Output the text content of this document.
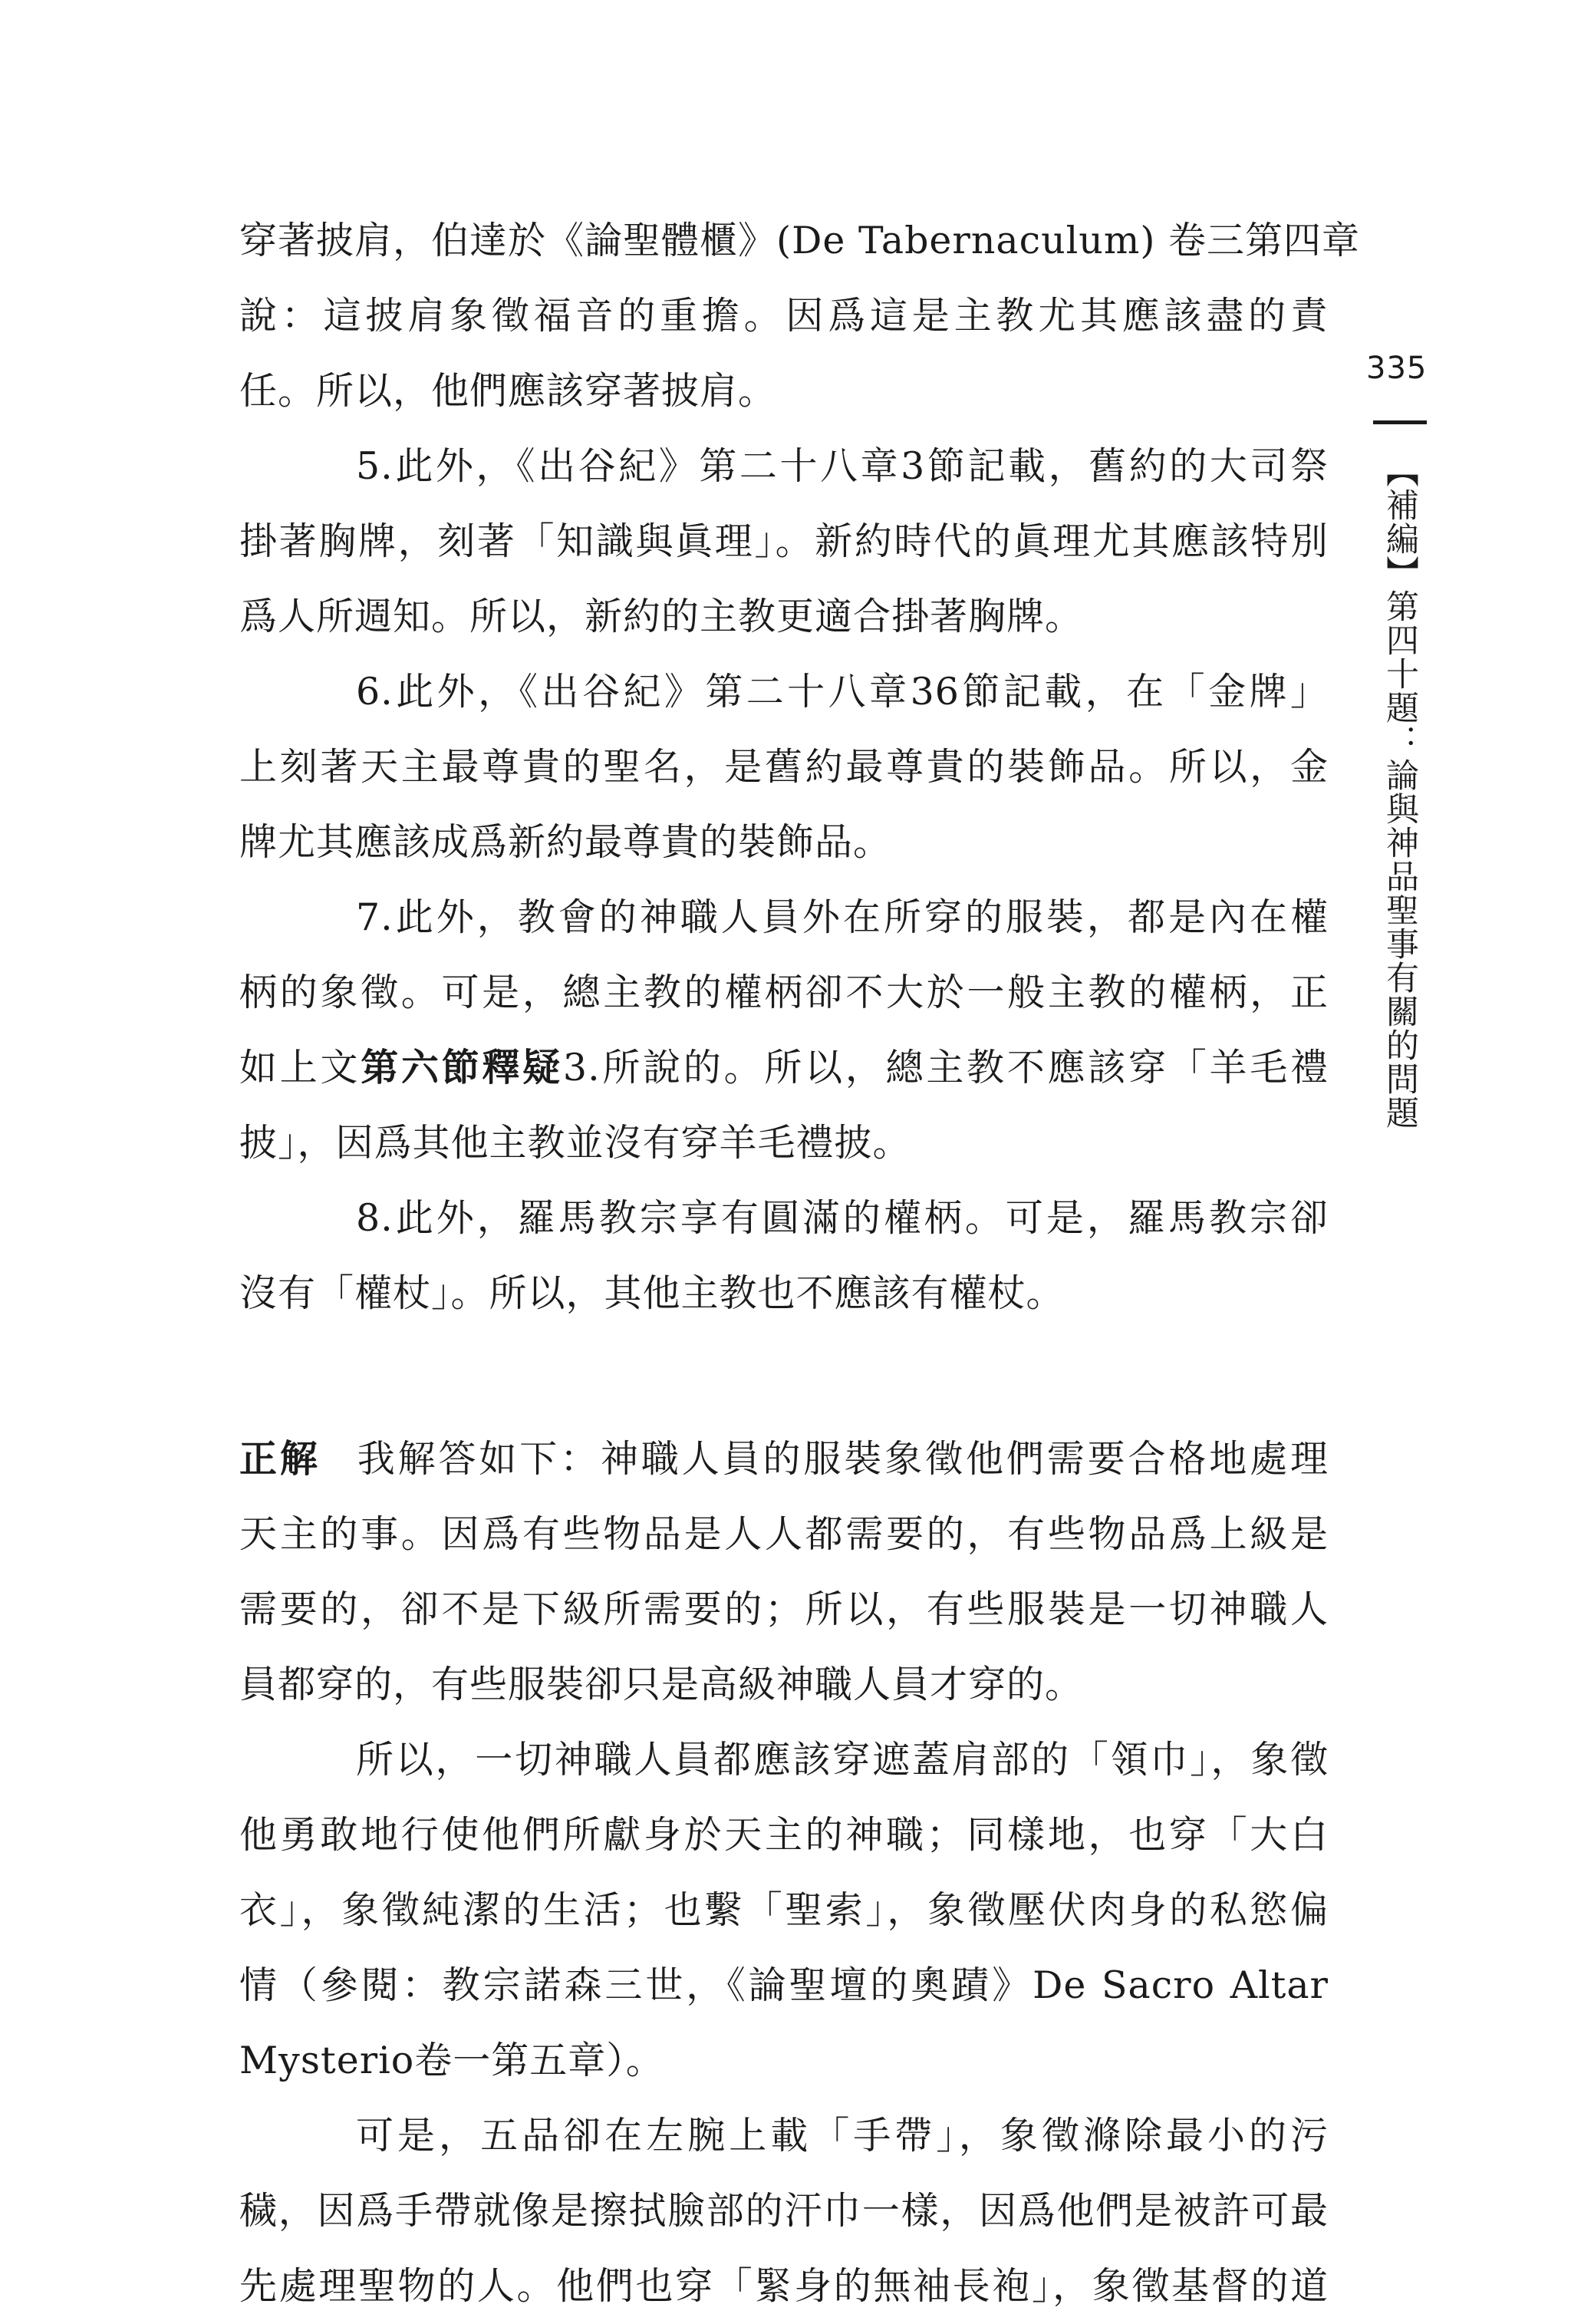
335
【補編】第四十題：論與神品聖事有關的問題
穿著披肩，伯達於《論聖體櫃》(De Tabernaculum) 卷三第四章
說：這披肩象徵福音的重擔。因爲這是主教尤其應該盡的責
任。所以，他們應該穿著披肩。
5.此外，《出谷紀》第二十八章3節記載，舊約的大司祭
掛著胸牌，刻著「知識與眞理」。新約時代的眞理尤其應該特別
爲人所週知。所以，新約的主教更適合掛著胸牌。
6.此外，《出谷紀》第二十八章36節記載，在「金牌」
上刻著天主最尊貴的聖名，是舊約最尊貴的裝飾品。所以，金
牌尤其應該成爲新約最尊貴的裝飾品。
7.此外，教會的神職人員外在所穿的服裝，都是內在權
柄的象徵。可是，總主教的權柄卻不大於一般主教的權柄，正
如上文第六節釋疑3.所說的。所以，總主教不應該穿「羊毛禮
披」，因爲其他主教並沒有穿羊毛禮披。
8.此外，羅馬教宗享有圓滿的權柄。可是，羅馬教宗卻
沒有「權杖」。所以，其他主教也不應該有權杖。
正解 我解答如下：神職人員的服裝象徵他們需要合格地處理
天主的事。因爲有些物品是人人都需要的，有些物品爲上級是
需要的，卻不是下級所需要的；所以，有些服裝是一切神職人
員都穿的，有些服裝卻只是高級神職人員才穿的。
所以，一切神職人員都應該穿遮蓋肩部的「領巾」，象徵
他勇敢地行使他們所獻身於天主的神職；同樣地，也穿「大白
衣」，象徵純潔的生活；也繫「聖索」，象徵壓伏肉身的私慾偏
情（參閱：教宗諾森三世，《論聖壇的奧蹟》De Sacro Altar
Mysterio卷一第五章）。
可是，五品卻在左腕上載「手帶」，象徵滌除最小的污
穢，因爲手帶就像是擦拭臉部的汗巾一樣，因爲他們是被許可最
先處理聖物的人。他們也穿「緊身的無袖長袍」，象徵基督的道
